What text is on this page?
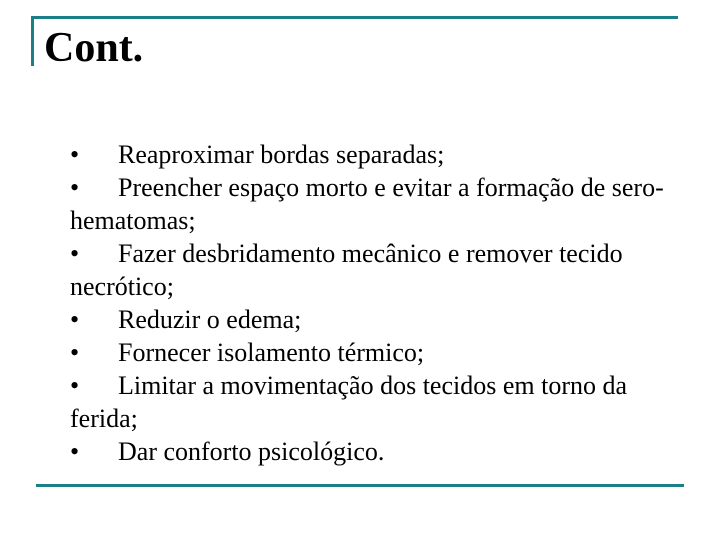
Cont.

• Reaproximar bordas separadas;

• Preencher espaço morto e evitar a formação de sero-hematomas;

• Fazer desbridamento mecânico e remover tecido necrótico;

• Reduzir o edema;

• Fornecer isolamento térmico;

• Limitar a movimentação dos tecidos em torno da ferida;

• Dar conforto psicológico.
